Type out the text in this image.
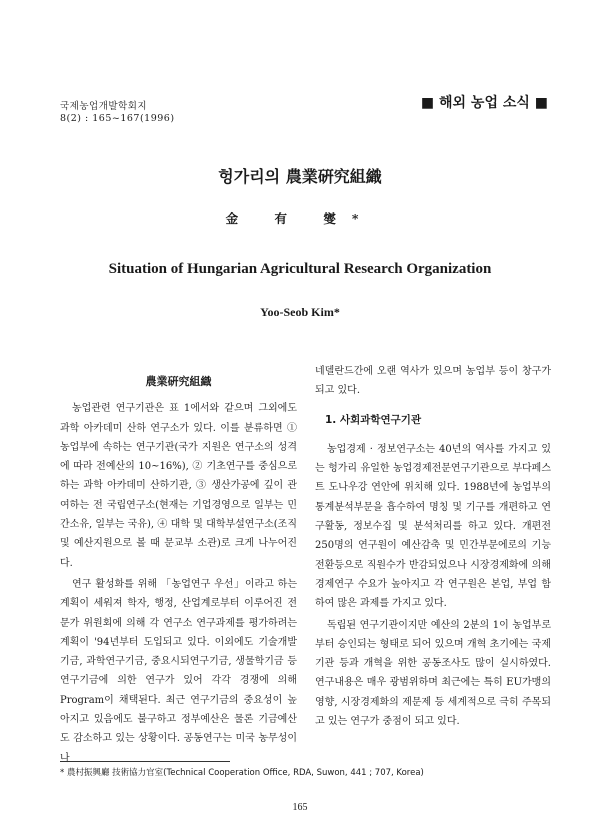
국제농업개발학회지
8(2) : 165~167(1996)
■ 해외 농업 소식 ■
헝가리의 農業硏究組織
金 有 燮*
Situation of Hungarian Agricultural Research Organization
Yoo-Seob Kim*
農業硏究組織

농업관련 연구기관은 표 1에서와 같으며 그외에도 과학 아카데미 산하 연구소가 있다. 이를 분류하면 ① 농업부에 속하는 연구기관(국가 지원은 연구소의 성격에 따라 전예산의 10~16%), ② 기초연구를 중심으로 하는 과학 아카데미 산하기관, ③ 생산가공에 깊이 관여하는 전 국립연구소(현재는 기업경영으로 일부는 민간소유, 일부는 국유), ④ 대학 및 대학부설연구소(조직 및 예산지원으로 볼 때 문교부 소관)로 크게 나누어진다.

연구 활성화를 위해 「농업연구 우선」이라고 하는 계획이 세워져 학자, 행정, 산업계로부터 이루어진 전문가 위원회에 의해 각 연구소 연구과제를 평가하려는 계획이 '94년부터 도입되고 있다. 이외에도 기술개발기금, 과학연구기금, 중요시되연구기금, 생물학기금 등 연구기금에 의한 연구가 있어 각각 경쟁에 의해 Program이 채택된다. 최근 연구기금의 중요성이 높아지고 있음에도 불구하고 정부예산은 물론 기금예산도 감소하고 있는 상황이다. 공동연구는 미국 농무성이나

네델란드간에 오랜 역사가 있으며 농업부 등이 창구가 되고 있다.

1. 사회과학연구기관

농업경제 · 정보연구소는 40년의 역사를 가지고 있는 헝가리 유일한 농업경제전문연구기관으로 부다페스트 도나우강 연안에 위치해 있다. 1988년에 농업부의 통계분석부문을 흡수하여 명칭 및 기구를 개편하고 연구활동, 정보수집 및 분석처리를 하고 있다. 개편전 250명의 연구원이 예산감축 및 민간부문에로의 기능 전환등으로 직원수가 반감되었으나 시장경제화에 의해 경제연구 수요가 높아지고 각 연구원은 본업, 부업 함하여 많은 과제를 가지고 있다.

독립된 연구기관이지만 예산의 2분의 1이 농업부로부터 승인되는 형태로 되어 있으며 개혁 초기에는 국제기관 등과 개혁을 위한 공동조사도 많이 실시하였다. 연구내용은 매우 광범위하며 최근에는 특히 EU가맹의 영향, 시장경제화의 제문제 등 세계적으로 극히 주목되고 있는 연구가 중점이 되고 있다.

* 農村振興廳 技術協力官室(Technical Cooperation Office, RDA, Suwon, 441 ; 707, Korea)
165
